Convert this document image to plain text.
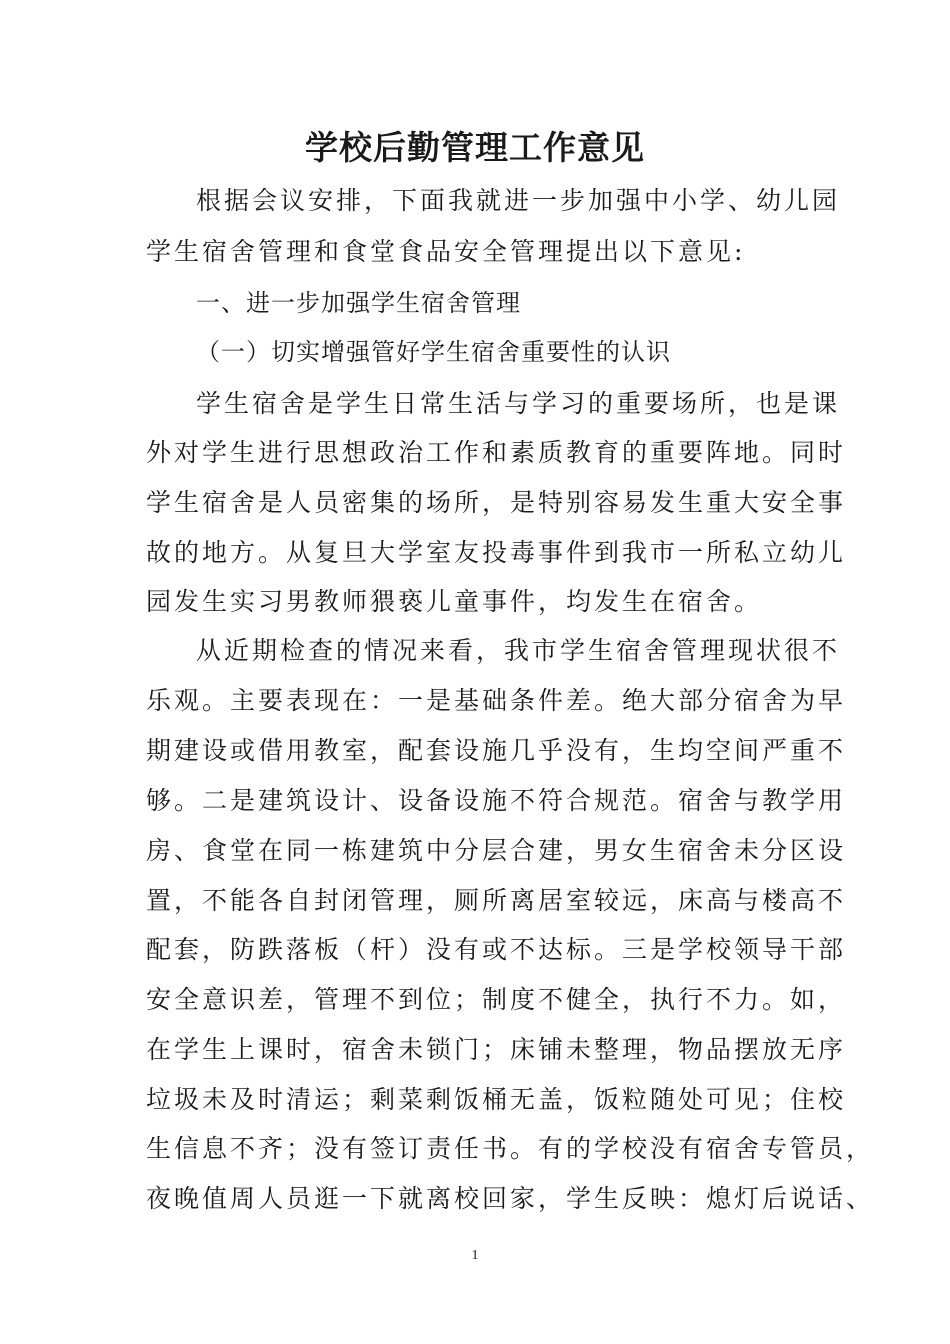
学校后勤管理工作意见
根据会议安排，下面我就进一步加强中小学、幼儿园
学生宿舍管理和食堂食品安全管理提出以下意见:
一、进一步加强学生宿舍管理
（一）切实增强管好学生宿舍重要性的认识
学生宿舍是学生日常生活与学习的重要场所，也是课
外对学生进行思想政治工作和素质教育的重要阵地。同时
学生宿舍是人员密集的场所，是特别容易发生重大安全事
故的地方。从复旦大学室友投毒事件到我市一所私立幼儿
园发生实习男教师猥亵儿童事件，均发生在宿舍。
从近期检查的情况来看，我市学生宿舍管理现状很不
乐观。主要表现在：一是基础条件差。绝大部分宿舍为早
期建设或借用教室，配套设施几乎没有，生均空间严重不
够。二是建筑设计、设备设施不符合规范。宿舍与教学用
房、食堂在同一栋建筑中分层合建，男女生宿舍未分区设
置，不能各自封闭管理，厕所离居室较远，床高与楼高不
配套，防跌落板（杆）没有或不达标。三是学校领导干部
安全意识差，管理不到位；制度不健全，执行不力。如，
在学生上课时，宿舍未锁门；床铺未整理，物品摆放无序
垃圾未及时清运；剩菜剩饭桶无盖，饭粒随处可见；住校
生信息不齐；没有签订责任书。有的学校没有宿舍专管员，
夜晚值周人员逛一下就离校回家，学生反映：熄灯后说话、
1
